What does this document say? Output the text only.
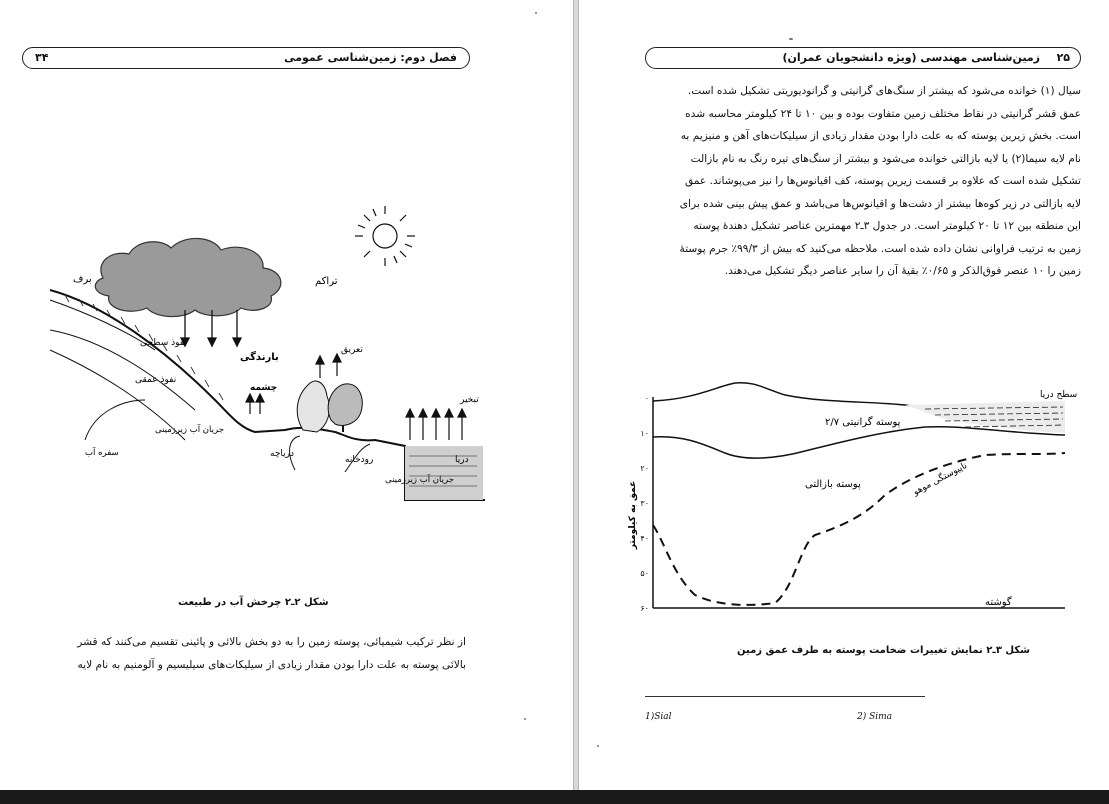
فصل دوم: زمین‌شناسی عمومی
۳۴
تراکم
بارندگی
برف
نفوذ سطحی
نفوذ عمقی
چشمه
تعریق
تبخیر
دریاچه
رودخانه	دریا
جریان آب زیرزمینی
جریان آب زیرزمینی
سفره آب
شکل ۲ـ۲ چرخش آب در طبیعت
از نظر ترکیب شیمیائی، پوسته زمین را به دو بخش بالائی و پائینی تقسیم می‌کنند که قشر
بالائی پوسته به علت دارا بودن مقدار زیادی از سیلیکات‌های سیلیسیم و آلومنیم به نام لایه
زمین‌شناسی مهندسی (ویژه دانشجویان عمران) ۲۵
سیال (۱) خوانده می‌شود که بیشتر از سنگ‌های گرانیتی و گرانودیوریتی تشکیل شده است.
عمق قشر گرانیتی در نقاط مختلف زمین متفاوت بوده و بین ۱۰ تا ۲۴ کیلومتر محاسبه شده
است. بخش زیرین پوسته که به علت دارا بودن مقدار زیادی از سیلیکات‌های آهن و منیزیم به
نام لایه سیما(۲) یا لایه بازالتی خوانده می‌شود و بیشتر از سنگ‌های تیره رنگ به نام بازالت
تشکیل شده است که علاوه بر قسمت زیرین پوسته، کف اقیانوس‌ها را نیز می‌پوشاند. عمق
لایه بازالتی در زیر کوه‌ها بیشتر از دشت‌ها و اقیانوس‌ها می‌باشد و عمق پیش بینی شده برای
این منطقه بین ۱۲ تا ۲۰ کیلومتر است. در جدول ۳ـ۲ مهمترین عناصر تشکیل دهندهٔ پوسته
زمین به ترتیب فراوانی نشان داده شده است. ملاحظه می‌کنید که بیش از ۹۹/۳٪ جرم پوستهٔ
زمین را ۱۰ عنصر فوق‌الذکر و ۰/۶۵٪ بقیهٔ آن را سایر عناصر دیگر تشکیل می‌دهند.
۰
۱۰
۲۰
۳۰
۴۰
۵۰
۶۰
عمق به کیلومتر
سطح دریا
پوسته گرانیتی ۲/۷
پوسته بازالتی	ناپیوستگی موهو
گوشته
شکل ۳ـ۲ نمایش تغییرات ضخامت پوسته به طرف عمق زمین
1)Sial	2) Sima
